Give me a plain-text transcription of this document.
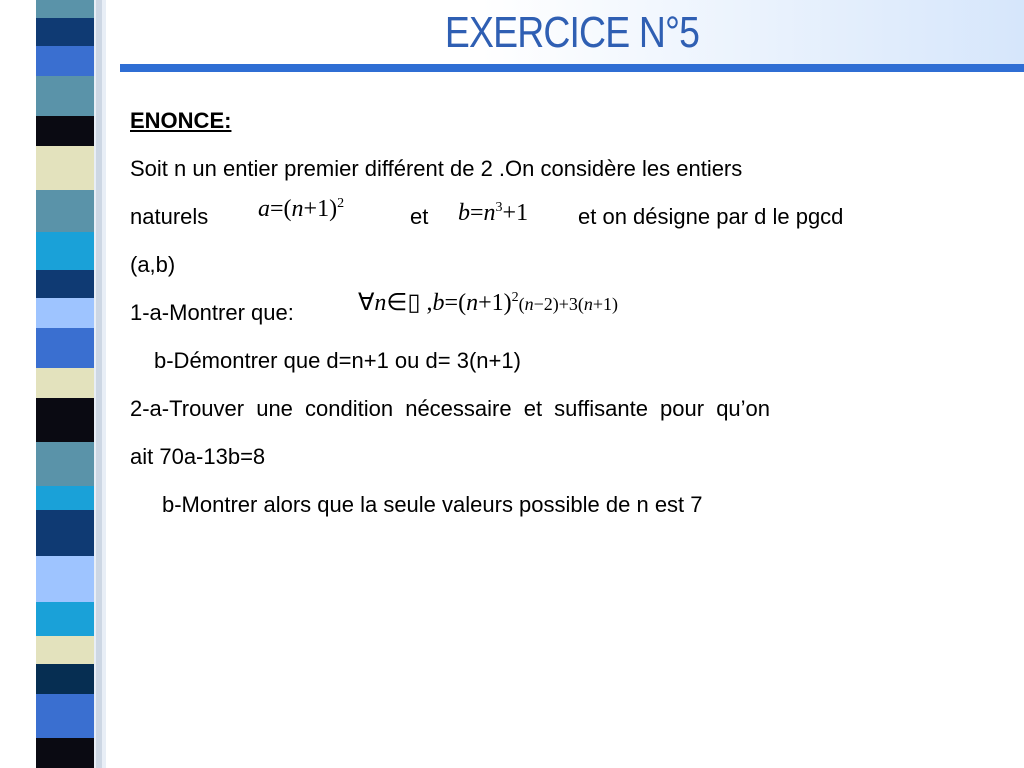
EXERCICE N°5
ENONCE:
Soit n un entier premier différent de 2 .On considère les entiers
naturels $a=(n+1)^2$
et $b=n^3+1$ et on désigne par d le pgcd
(a,b)
1-a-Montrer que:	∀n∈▯ $,b=(n+1)^2(n-2)+3(n+1)$
b-Démontrer que d=n+1 ou d= 3(n+1)
2-a-Trouver une condition nécessaire et suffisante pour qu’on
ait 70a-13b=8
b-Montrer alors que la seule valeurs possible de n est 7
